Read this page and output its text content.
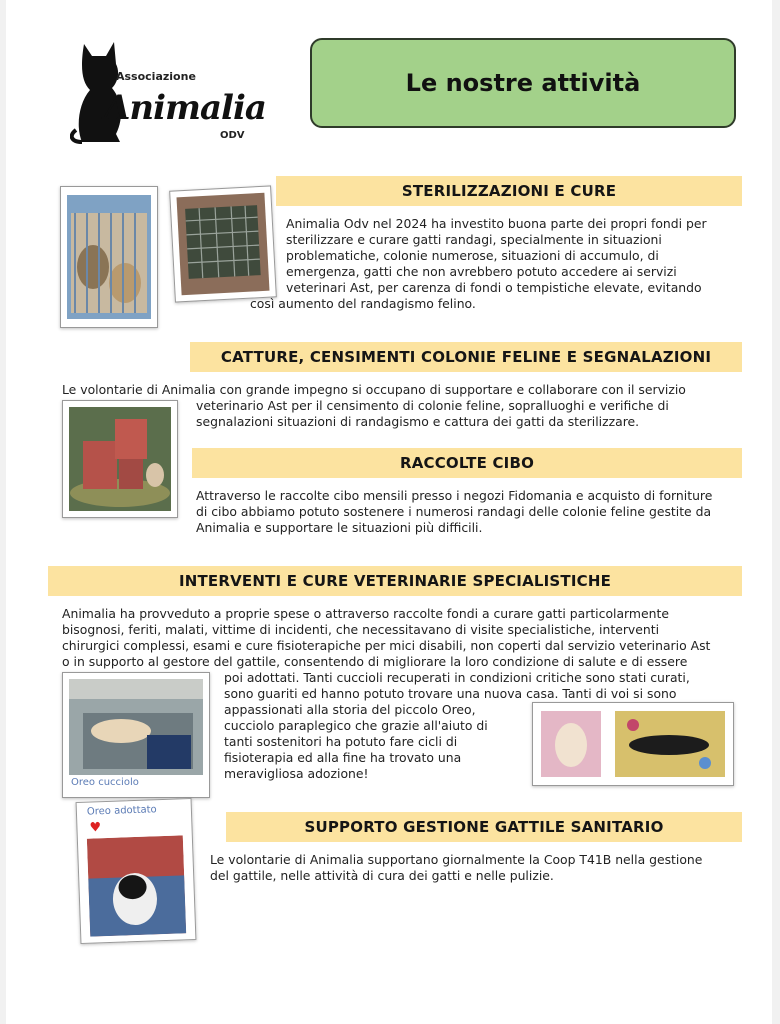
Associazione
Animalia
ODV
Le nostre attività
STERILIZZAZIONI E CURE
Animalia Odv nel 2024 ha investito buona parte dei propri fondi per
sterilizzare e curare gatti randagi, specialmente in situazioni
problematiche, colonie numerose, situazioni di accumulo, di
emergenza, gatti che non avrebbero potuto accedere ai servizi
veterinari Ast, per carenza di fondi o tempistiche elevate, evitando
così aumento del randagismo felino.
CATTURE, CENSIMENTI COLONIE FELINE E SEGNALAZIONI
Le volontarie di Animalia con grande impegno si occupano di supportare e collaborare con il servizio
veterinario Ast per il censimento di colonie feline, sopralluoghi e verifiche di
segnalazioni situazioni di randagismo e cattura dei gatti da sterilizzare.
RACCOLTE CIBO
Attraverso le raccolte cibo mensili presso i negozi Fidomania e acquisto di forniture
di cibo abbiamo potuto sostenere i numerosi randagi delle colonie feline gestite da
Animalia e supportare le situazioni più difficili.
INTERVENTI E CURE VETERINARIE SPECIALISTICHE
Animalia ha provveduto a proprie spese o attraverso raccolte fondi a curare gatti particolarmente
bisognosi, feriti, malati, vittime di incidenti, che necessitavano di visite specialistiche, interventi
chirurgici complessi, esami e cure fisioterapiche per mici disabili, non coperti dal servizio veterinario Ast
o in supporto al gestore del gattile, consentendo di migliorare la loro condizione di salute e di essere
poi adottati. Tanti cuccioli recuperati in condizioni critiche sono stati curati,
sono guariti ed hanno potuto trovare una nuova casa. Tanti di voi si sono
appassionati alla storia del piccolo Oreo,
cucciolo paraplegico che grazie all'aiuto di
tanti sostenitori ha potuto fare cicli di
fisioterapia ed alla fine ha trovato una
meravigliosa adozione!
Oreo cucciolo
Oreo adottato
♥	SUPPORTO GESTIONE GATTILE SANITARIO
Le volontarie di Animalia supportano giornalmente la Coop T41B nella gestione
del gattile, nelle attività di cura dei gatti e nelle pulizie.
